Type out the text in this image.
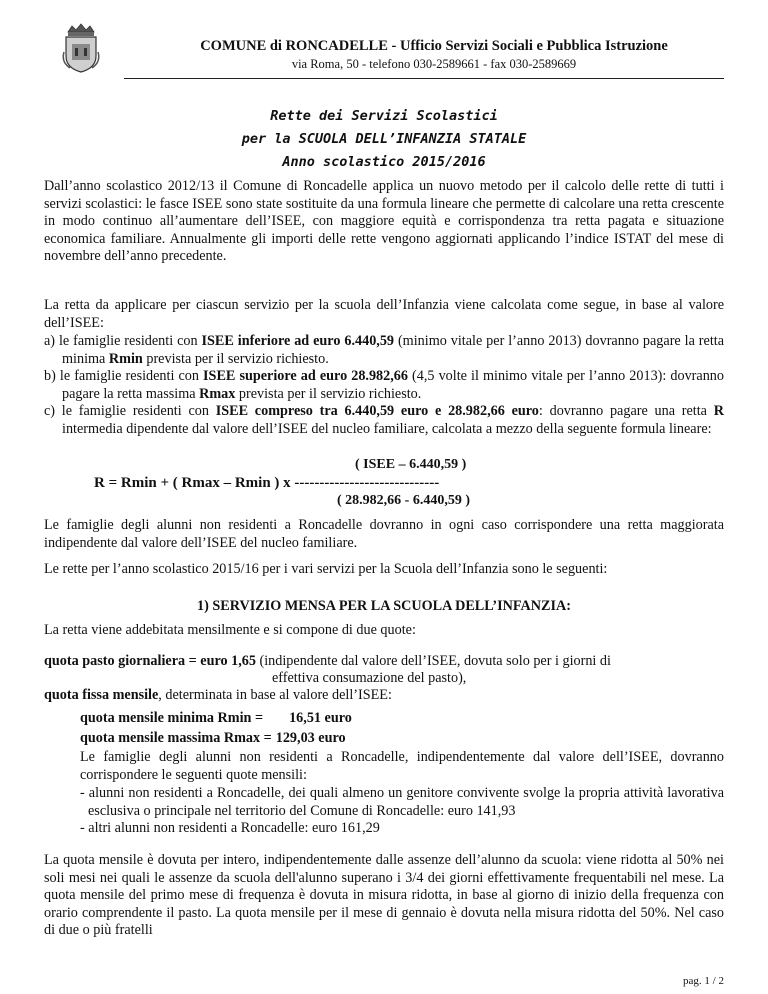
COMUNE di RONCADELLE - Ufficio Servizi Sociali e Pubblica Istruzione
via Roma, 50 - telefono 030-2589661 - fax 030-2589669
Rette dei Servizi Scolastici
per la SCUOLA DELL’INFANZIA STATALE
Anno scolastico 2015/2016

Dall’anno scolastico 2012/13 il Comune di Roncadelle applica un nuovo metodo per il calcolo delle rette di tutti i servizi scolastici: le fasce ISEE sono state sostituite da una formula lineare che permette di calcolare una retta crescente in modo continuo all’aumentare dell’ISEE, con maggiore equità e corrispondenza tra retta pagata e situazione economica familiare. Annualmente gli importi delle rette vengono aggiornati applicando l’indice ISTAT del mese di novembre dell’anno precedente.

La retta da applicare per ciascun servizio per la scuola dell’Infanzia viene calcolata come segue, in base al valore dell’ISEE:

a) le famiglie residenti con ISEE inferiore ad euro 6.440,59 (minimo vitale per l’anno 2013) dovranno pagare la retta minima Rmin prevista per il servizio richiesto.

b) le famiglie residenti con ISEE superiore ad euro 28.982,66 (4,5 volte il minimo vitale per l’anno 2013): dovranno pagare la retta massima Rmax prevista per il servizio richiesto.

c) le famiglie residenti con ISEE compreso tra 6.440,59 euro e 28.982,66 euro: dovranno pagare una retta R intermedia dipendente dal valore dell’ISEE del nucleo familiare, calcolata a mezzo della seguente formula lineare:

( ISEE – 6.440,59 )
R = Rmin + ( Rmax – Rmin ) x -----------------------------
( 28.982,66 - 6.440,59 )

Le famiglie degli alunni non residenti a Roncadelle dovranno in ogni caso corrispondere una retta maggiorata indipendente dal valore dell’ISEE del nucleo familiare.

Le rette per l’anno scolastico 2015/16 per i vari servizi per la Scuola dell’Infanzia sono le seguenti:

1) SERVIZIO MENSA PER LA SCUOLA DELL’INFANZIA:

La retta viene addebitata mensilmente e si compone di due quote:

quota pasto giornaliera = euro 1,65 (indipendente dal valore dell’ISEE, dovuta solo per i giorni di

effettiva consumazione del pasto),

quota fissa mensile, determinata in base al valore dell’ISEE:

quota mensile minima Rmin = 16,51 euro
quota mensile massima Rmax = 129,03 euro

Le famiglie degli alunni non residenti a Roncadelle, indipendentemente dal valore dell’ISEE, dovranno corrispondere le seguenti quote mensili:

- alunni non residenti a Roncadelle, dei quali almeno un genitore convivente svolge la propria attività lavorativa esclusiva o principale nel territorio del Comune di Roncadelle: euro 141,93

- altri alunni non residenti a Roncadelle: euro 161,29

La quota mensile è dovuta per intero, indipendentemente dalle assenze dell’alunno da scuola: viene ridotta al 50% nei soli mesi nei quali le assenze da scuola dell'alunno superano i 3/4 dei giorni effettivamente frequentabili nel mese. La quota mensile del primo mese di frequenza è dovuta in misura ridotta, in base al giorno di inizio della frequenza con orario comprendente il pasto. La quota mensile per il mese di gennaio è dovuta nella misura ridotta del 50%. Nel caso di due o più fratelli

pag. 1 / 2
